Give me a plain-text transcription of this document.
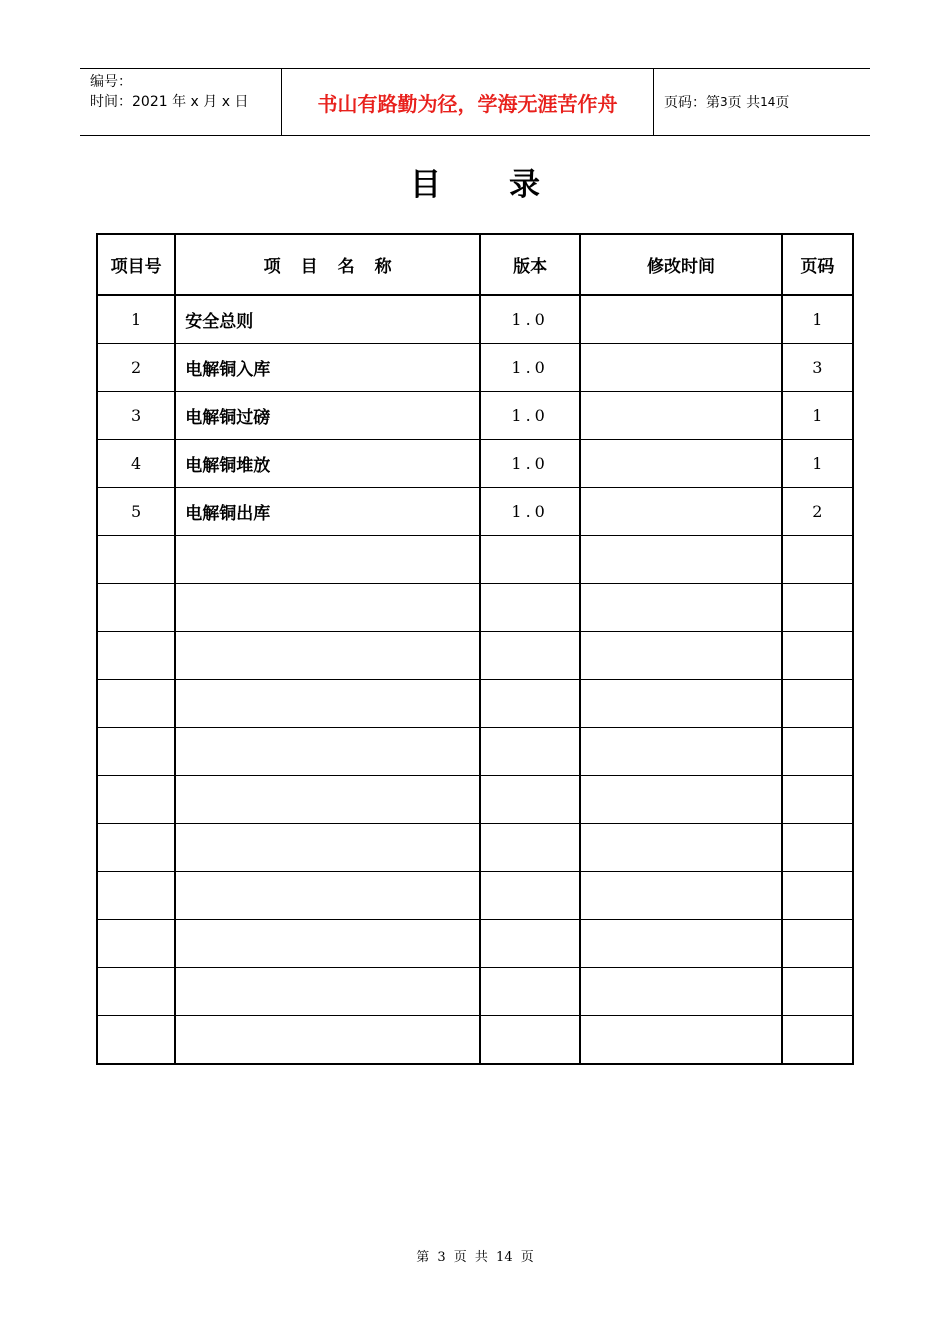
编号：
时间：2021 年 x 月 x 日	书山有路勤为径，学海无涯苦作舟	页码：第 3 页 共 14 页
目录
项目号	项目名称	版本	修改时间	页码
1	安全总则	1.0		1
2	电解铜入库	1.0		3
3	电解铜过磅	1.0		1
4	电解铜堆放	1.0		1
5	电解铜出库	1.0		2

第 3 页 共 14 页
